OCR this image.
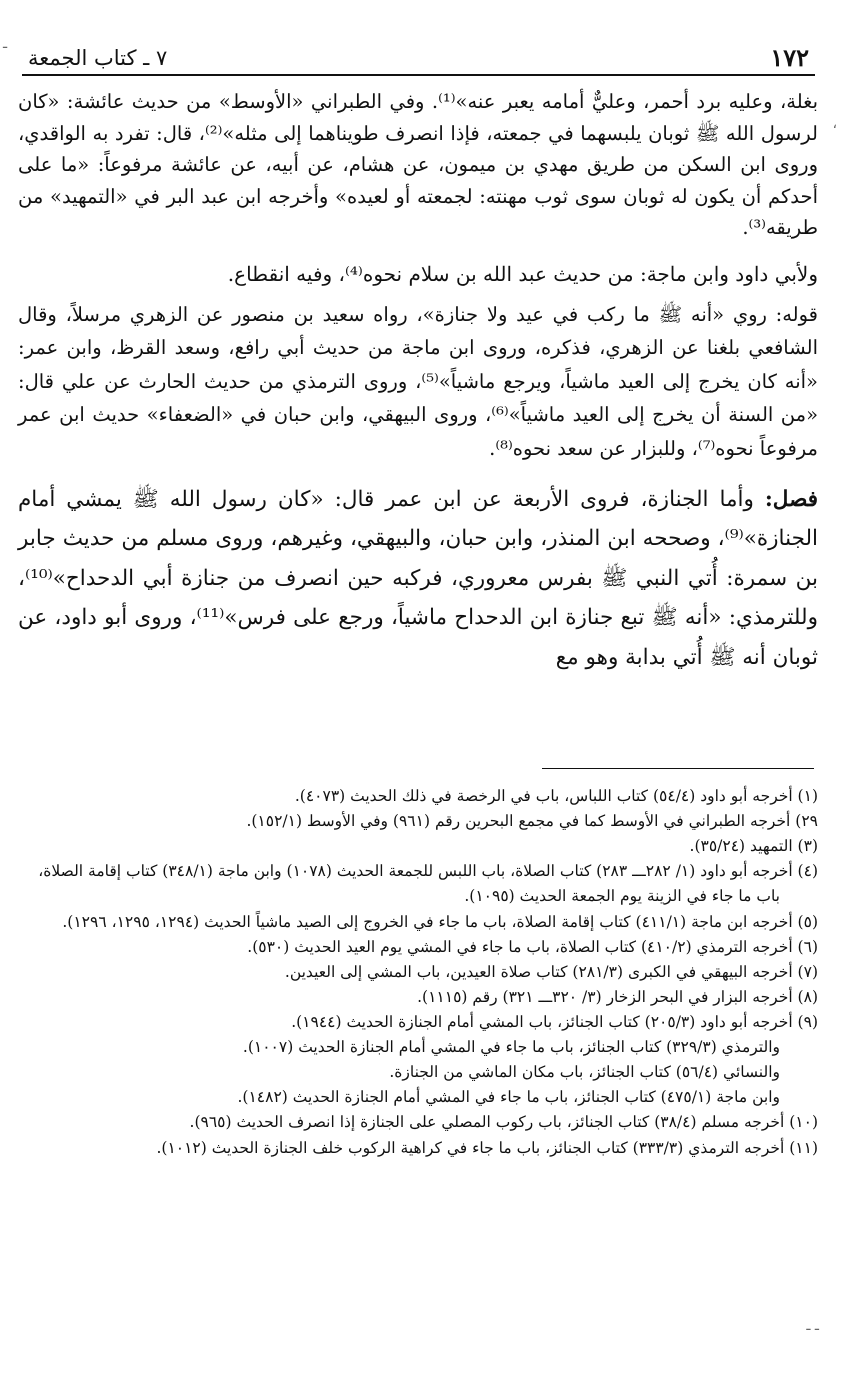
١٧٢
٧ ـ كتاب الجمعة

بغلة، وعليه برد أحمر، وعليٌّ أمامه يعبر عنه»⁽¹⁾. وفي الطبراني «الأوسط» من حديث عائشة: «كان لرسول الله ﷺ ثوبان يلبسهما في جمعته، فإذا انصرف طويناهما إلى مثله»⁽²⁾، قال: تفرد به الواقدي، وروى ابن السكن من طريق مهدي بن ميمون، عن هشام، عن أبيه، عن عائشة مرفوعاً: «ما على أحدكم أن يكون له ثوبان سوى ثوب مهنته: لجمعته أو لعيده» وأخرجه ابن عبد البر في «التمهيد» من طريقه⁽³⁾.

ولأبي داود وابن ماجة: من حديث عبد الله بن سلام نحوه⁽⁴⁾، وفيه انقطاع.

قوله: روي «أنه ﷺ ما ركب في عيد ولا جنازة»، رواه سعيد بن منصور عن الزهري مرسلاً، وقال الشافعي بلغنا عن الزهري، فذكره، وروى ابن ماجة من حديث أبي رافع، وسعد القرظ، وابن عمر: «أنه كان يخرج إلى العيد ماشياً، ويرجع ماشياً»⁽⁵⁾، وروى الترمذي من حديث الحارث عن علي قال: «من السنة أن يخرج إلى العيد ماشياً»⁽⁶⁾، وروى البيهقي، وابن حبان في «الضعفاء» حديث ابن عمر مرفوعاً نحوه⁽⁷⁾، وللبزار عن سعد نحوه⁽⁸⁾.

فصل: وأما الجنازة، فروى الأربعة عن ابن عمر قال: «كان رسول الله ﷺ يمشي أمام الجنازة»⁽⁹⁾، وصححه ابن المنذر، وابن حبان، والبيهقي، وغيرهم، وروى مسلم من حديث جابر بن سمرة: أُتي النبي ﷺ بفرس معروري، فركبه حين انصرف من جنازة أبي الدحداح»⁽¹⁰⁾، وللترمذي: «أنه ﷺ تبع جنازة ابن الدحداح ماشياً، ورجع على فرس»⁽¹¹⁾، وروى أبو داود، عن ثوبان أنه ﷺ أُتي بدابة وهو مع

(١) أخرجه أبو داود (٥٤/٤) كتاب اللباس، باب في الرخصة في ذلك الحديث (٤٠٧٣).

٢٩) أخرجه الطبراني في الأوسط كما في مجمع البحرين رقم (٩٦١) وفي الأوسط (١٥٢/١).

(٣) التمهيد (٣٥/٢٤).

(٤) أخرجه أبو داود (١/ ٢٨٢ـــ ٢٨٣) كتاب الصلاة، باب اللبس للجمعة الحديث (١٠٧٨) وابن ماجة (٣٤٨/١) كتاب إقامة الصلاة، باب ما جاء في الزينة يوم الجمعة الحديث (١٠٩٥).

(٥) أخرجه ابن ماجة (٤١١/١) كتاب إقامة الصلاة، باب ما جاء في الخروج إلى الصيد ماشياً الحديث (١٢٩٤، ١٢٩٥، ١٢٩٦).

(٦) أخرجه الترمذي (٤١٠/٢) كتاب الصلاة، باب ما جاء في المشي يوم العيد الحديث (٥٣٠).

(٧) أخرجه البيهقي في الكبرى (٢٨١/٣) كتاب صلاة العيدين، باب المشي إلى العيدين.

(٨) أخرجه البزار في البحر الزخار (٣/ ٣٢٠ـــ ٣٢١) رقم (١١١٥).

(٩) أخرجه أبو داود (٢٠٥/٣) كتاب الجنائز، باب المشي أمام الجنازة الحديث (١٩٤٤).

والترمذي (٣٢٩/٣) كتاب الجنائز، باب ما جاء في المشي أمام الجنازة الحديث (١٠٠٧).

والنسائي (٥٦/٤) كتاب الجنائز، باب مكان الماشي من الجنازة.

وابن ماجة (٤٧٥/١) كتاب الجنائز، باب ما جاء في المشي أمام الجنازة الحديث (١٤٨٢).

(١٠) أخرجه مسلم (٣٨/٤) كتاب الجنائز، باب ركوب المصلي على الجنازة إذا انصرف الحديث (٩٦٥).

(١١) أخرجه الترمذي (٣٣٣/٣) كتاب الجنائز، باب ما جاء في كراهية الركوب خلف الجنازة الحديث (١٠١٢).

ـ
،
ـ ـ
